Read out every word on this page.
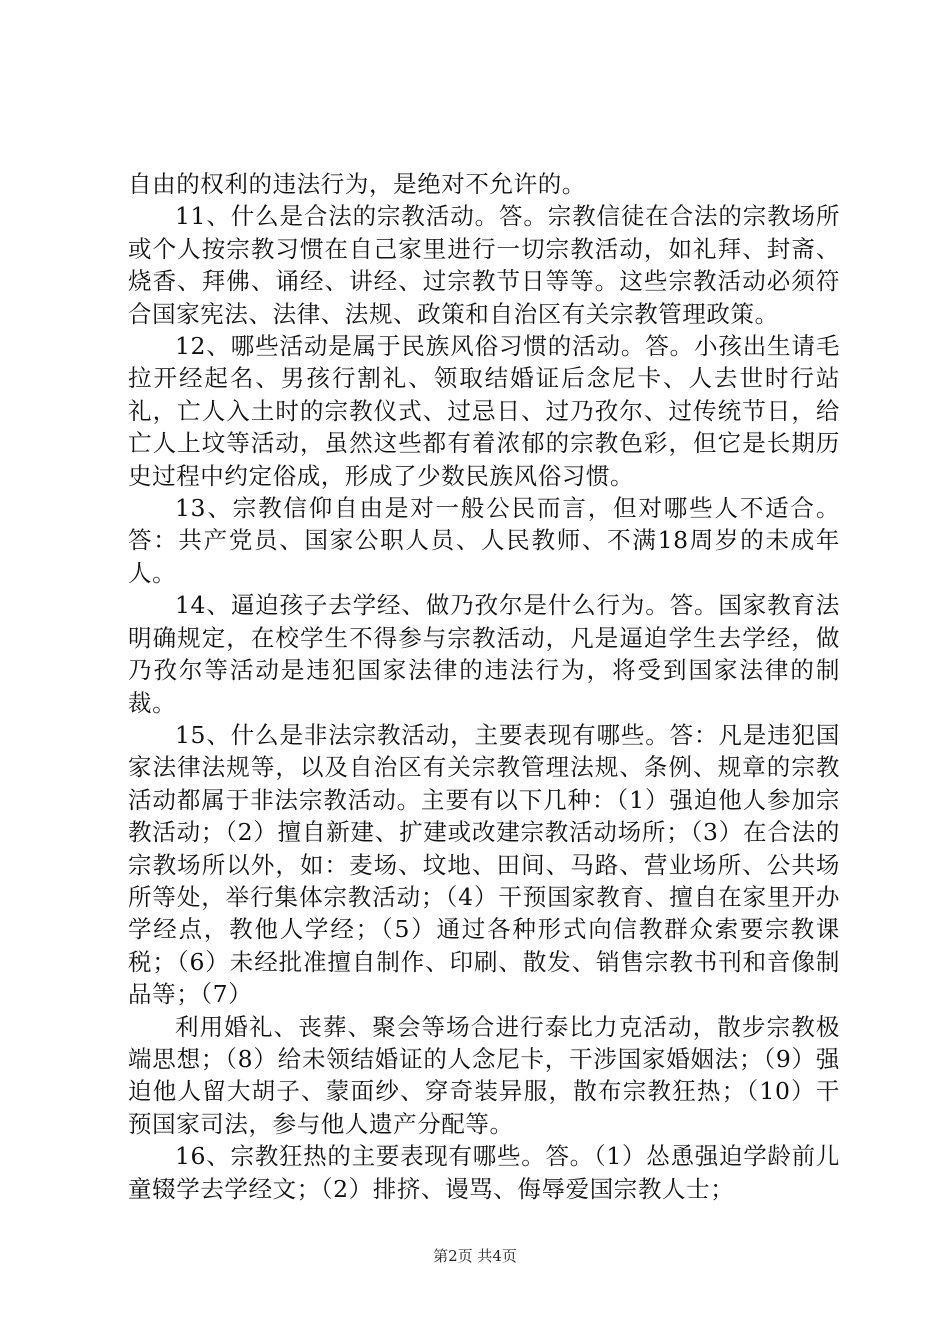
自由的权利的违法行为，是绝对不允许的。

11、什么是合法的宗教活动。答。宗教信徒在合法的宗教场所或个人按宗教习惯在自己家里进行一切宗教活动，如礼拜、封斋、烧香、拜佛、诵经、讲经、过宗教节日等等。这些宗教活动必须符合国家宪法、法律、法规、政策和自治区有关宗教管理政策。

12、哪些活动是属于民族风俗习惯的活动。答。小孩出生请毛拉开经起名、男孩行割礼、领取结婚证后念尼卡、人去世时行站礼，亡人入土时的宗教仪式、过忌日、过乃孜尔、过传统节日，给亡人上坟等活动，虽然这些都有着浓郁的宗教色彩，但它是长期历史过程中约定俗成，形成了少数民族风俗习惯。

13、宗教信仰自由是对一般公民而言，但对哪些人不适合。答：共产党员、国家公职人员、人民教师、不满18周岁的未成年人。

14、逼迫孩子去学经、做乃孜尔是什么行为。答。国家教育法明确规定，在校学生不得参与宗教活动，凡是逼迫学生去学经，做乃孜尔等活动是违犯国家法律的违法行为，将受到国家法律的制裁。

15、什么是非法宗教活动，主要表现有哪些。答：凡是违犯国家法律法规等，以及自治区有关宗教管理法规、条例、规章的宗教活动都属于非法宗教活动。主要有以下几种：（1）强迫他人参加宗教活动；（2）擅自新建、扩建或改建宗教活动场所；（3）在合法的宗教场所以外，如：麦场、坟地、田间、马路、营业场所、公共场所等处，举行集体宗教活动；（4）干预国家教育、擅自在家里开办学经点，教他人学经；（5）通过各种形式向信教群众索要宗教课税；（6）未经批准擅自制作、印刷、散发、销售宗教书刊和音像制品等；（7）

利用婚礼、丧葬、聚会等场合进行泰比力克活动，散步宗教极端思想；（8）给未领结婚证的人念尼卡，干涉国家婚姻法；（9）强迫他人留大胡子、蒙面纱、穿奇装异服，散布宗教狂热；（10）干预国家司法，参与他人遗产分配等。

16、宗教狂热的主要表现有哪些。答。（1）怂恿强迫学龄前儿童辍学去学经文；（2）排挤、谩骂、侮辱爱国宗教人士；

第2页 共4页
